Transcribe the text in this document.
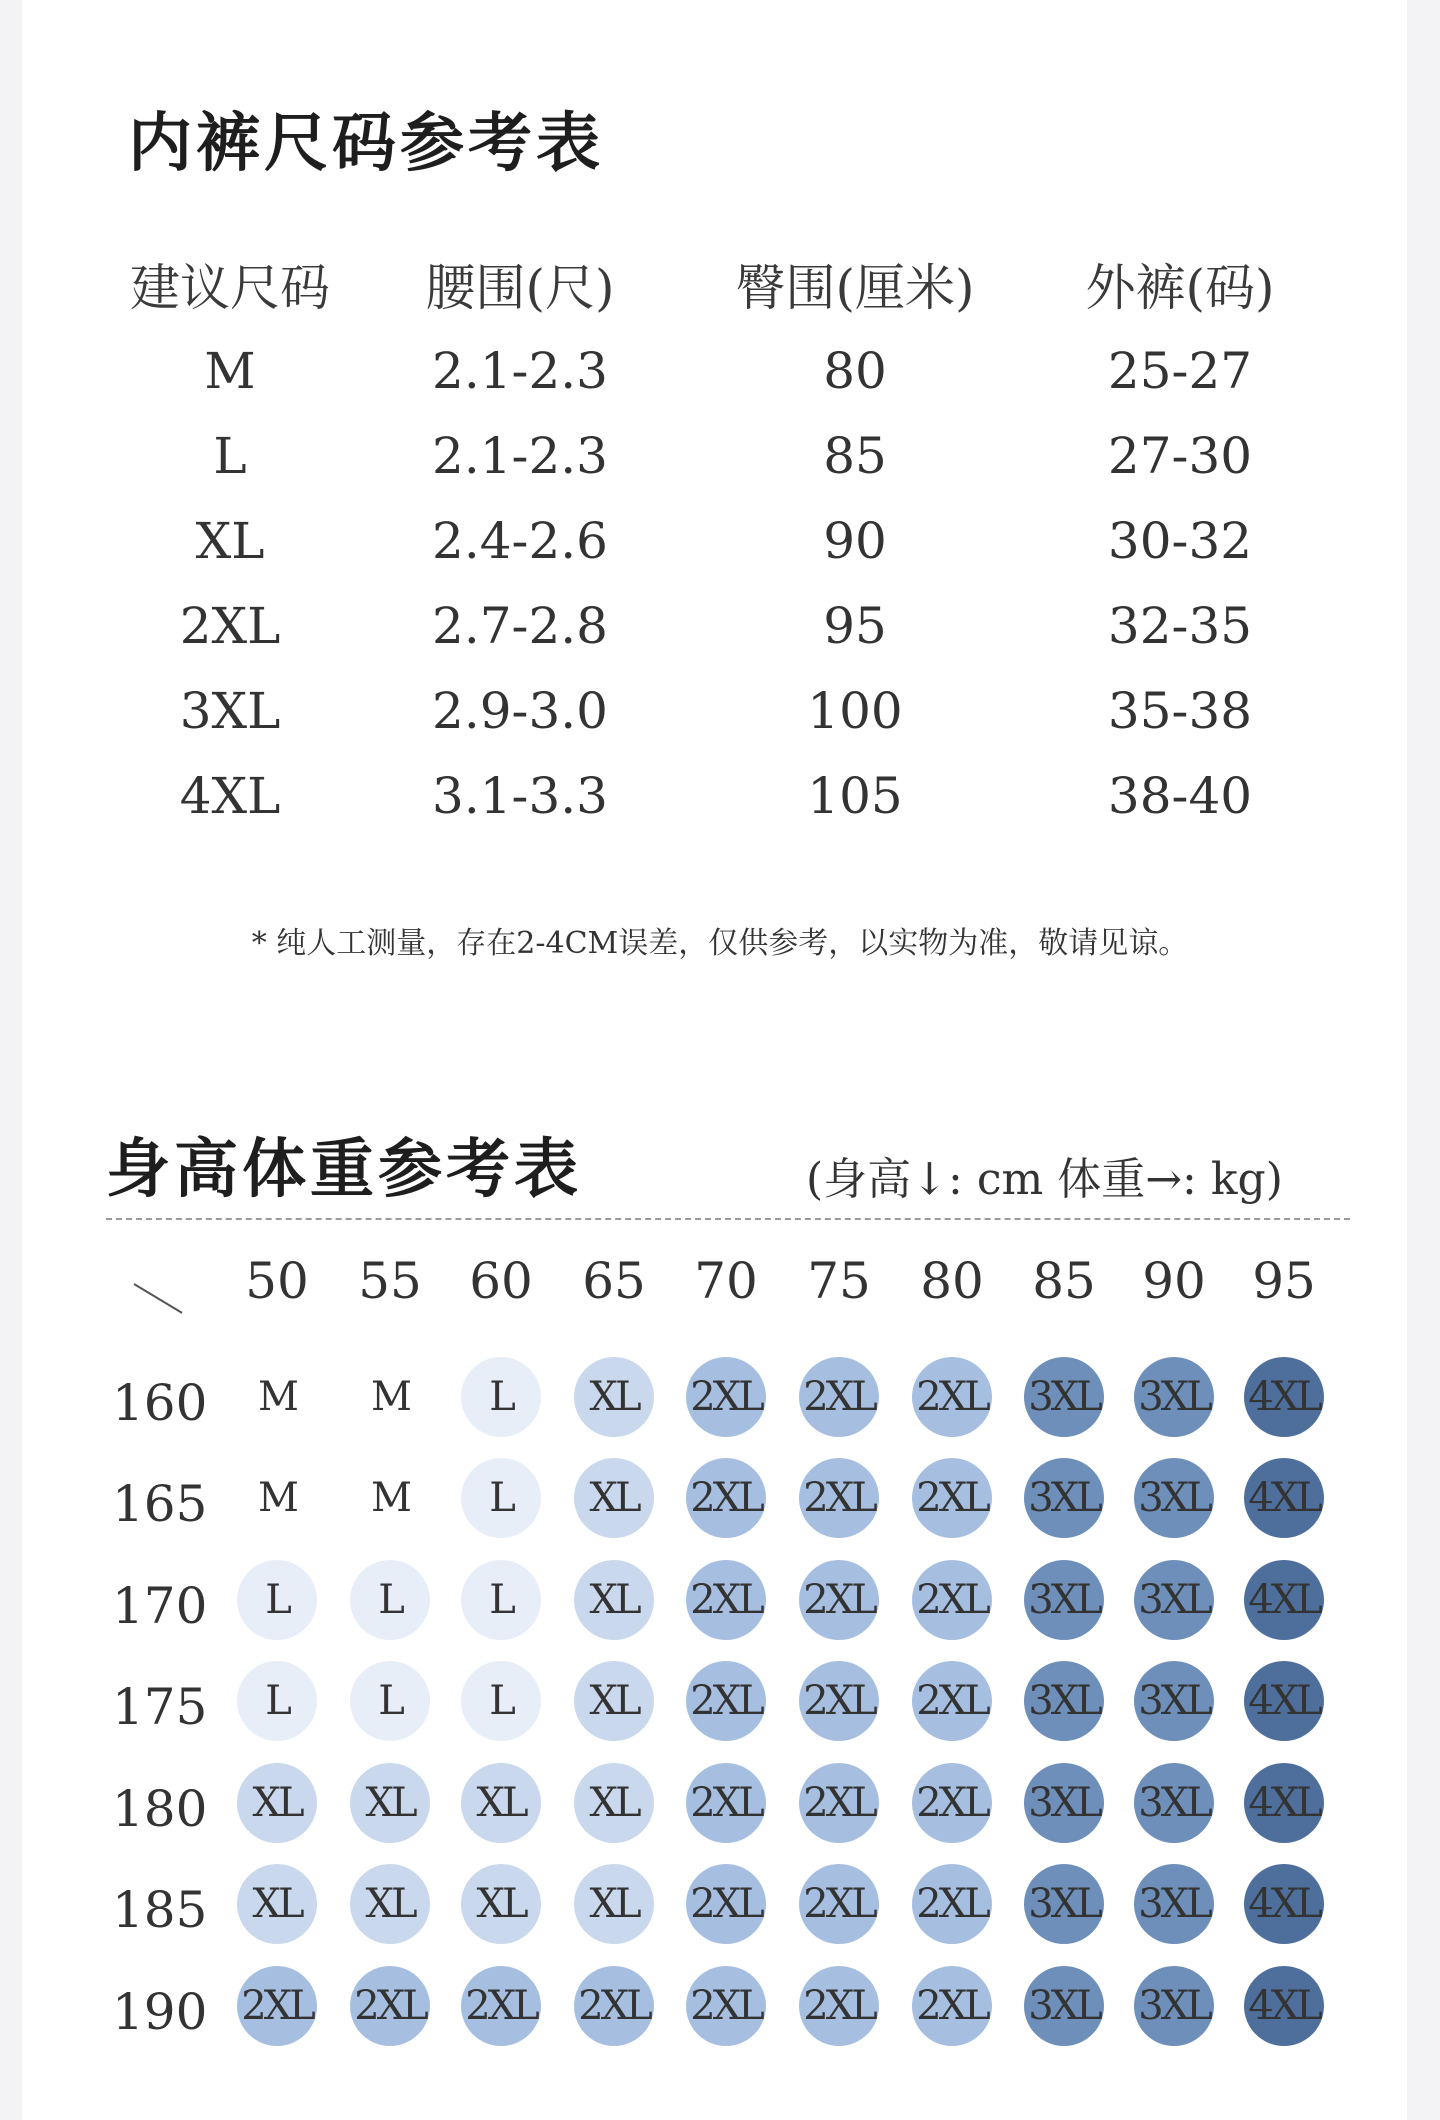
内裤尺码参考表
建议尺码	腰围(尺)	臀围(厘米)	外裤(码)
M	2.1-2.3	80	25-27
L	2.1-2.3	85	27-30
XL	2.4-2.6	90	30-32
2XL	2.7-2.8	95	32-35
3XL	2.9-3.0	100	35-38
4XL	3.1-3.3	105	38-40
* 纯人工测量，存在2-4CM误差，仅供参考，以实物为准，敬请见谅。
身高体重参考表	(身高↓: cm 体重→: kg)
50 55 60 65 70 75 80 85 90 95
160	M	M	L	XL	2XL 2XL 2XL 3XL 3XL 4XL
165	M	M	L	XL	2XL 2XL 2XL 3XL 3XL 4XL
170	L	L	L	XL	2XL 2XL 2XL 3XL 3XL 4XL
175	L	L	L	XL	2XL 2XL 2XL 3XL 3XL 4XL
180	XL	XL	XL	XL	2XL 2XL 2XL 3XL 3XL 4XL
185	XL	XL	XL	XL	2XL 2XL 2XL 3XL 3XL 4XL
190 2XL 2XL 2XL 2XL 2XL 2XL 2XL 3XL 3XL 4XL
